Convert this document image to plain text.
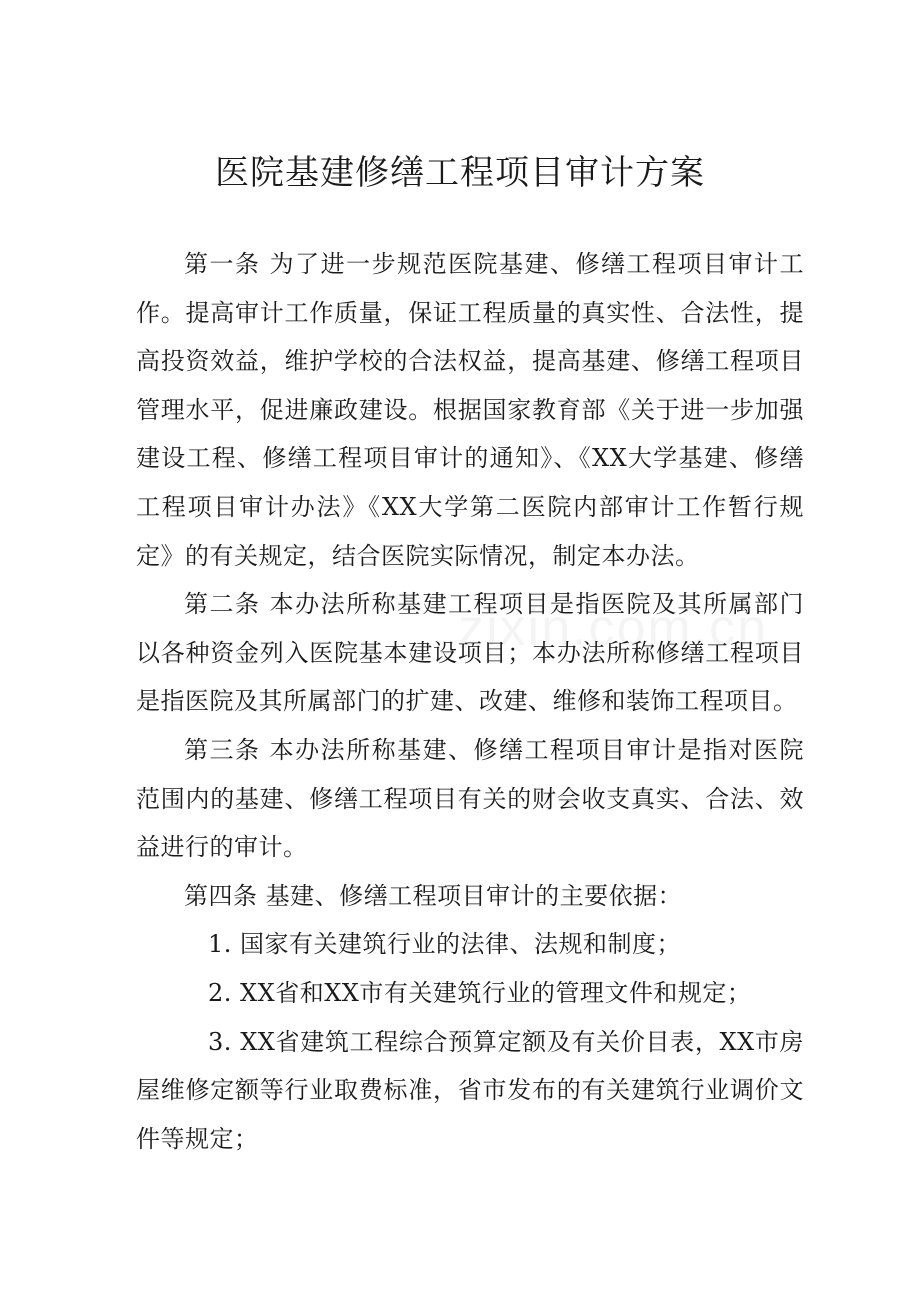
医院基建修缮工程项目审计方案

第一条 为了进一步规范医院基建、修缮工程项目审计工作。提高审计工作质量，保证工程质量的真实性、合法性，提高投资效益，维护学校的合法权益，提高基建、修缮工程项目管理水平，促进廉政建设。根据国家教育部《关于进一步加强建设工程、修缮工程项目审计的通知》、《XX大学基建、修缮工程项目审计办法》《XX大学第二医院内部审计工作暂行规定》的有关规定，结合医院实际情况，制定本办法。

第二条 本办法所称基建工程项目是指医院及其所属部门以各种资金列入医院基本建设项目；本办法所称修缮工程项目是指医院及其所属部门的扩建、改建、维修和装饰工程项目。

第三条 本办法所称基建、修缮工程项目审计是指对医院范围内的基建、修缮工程项目有关的财会收支真实、合法、效益进行的审计。

第四条 基建、修缮工程项目审计的主要依据：

1. 国家有关建筑行业的法律、法规和制度；

2. XX省和XX市有关建筑行业的管理文件和规定；

3. XX省建筑工程综合预算定额及有关价目表，XX市房屋维修定额等行业取费标准，省市发布的有关建筑行业调价文件等规定；
